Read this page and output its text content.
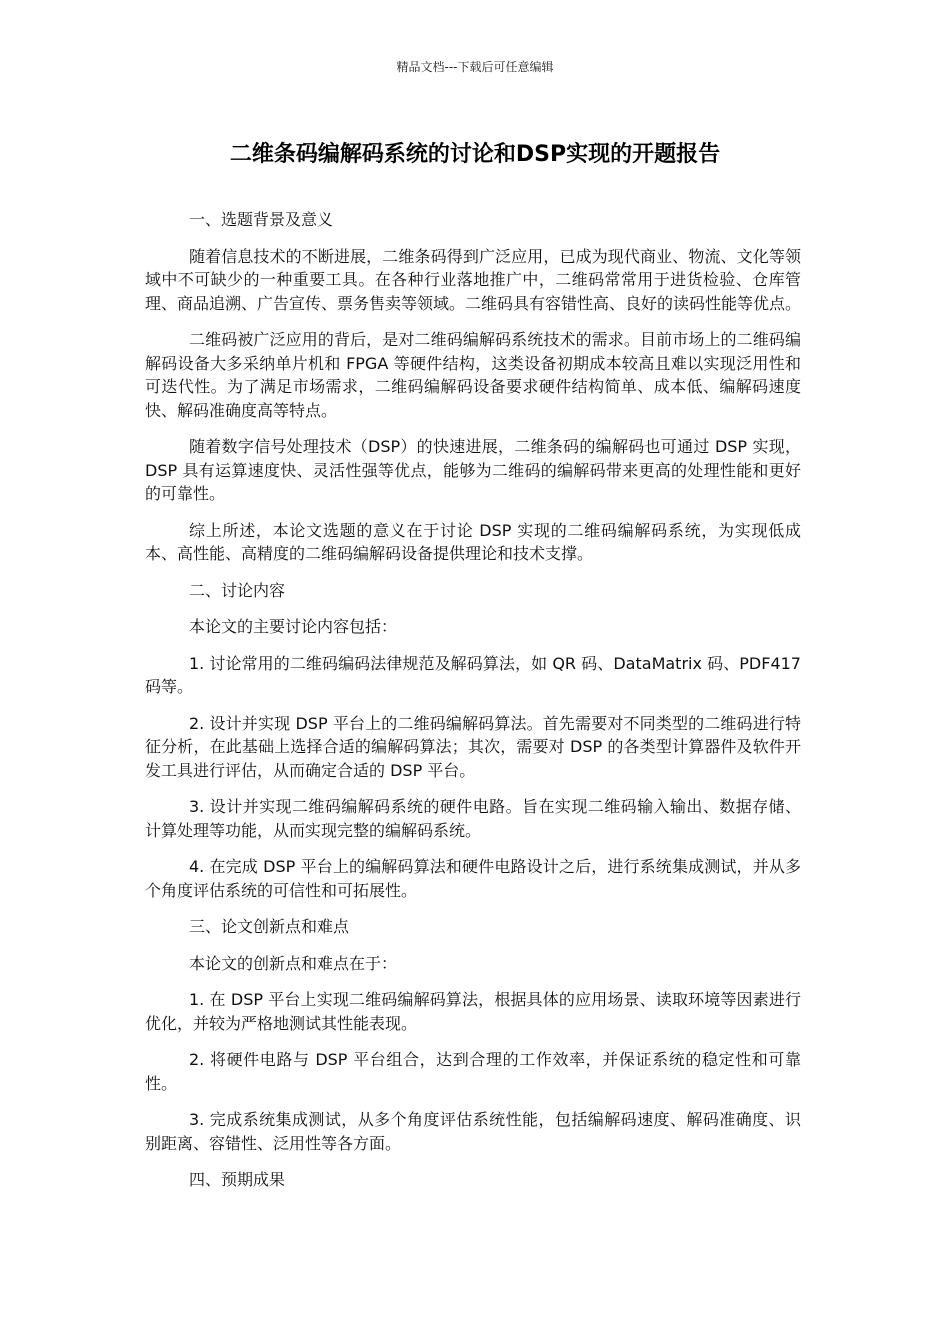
精品文档---下载后可任意编辑
二维条码编解码系统的讨论和DSP实现的开题报告

一、选题背景及意义

随着信息技术的不断进展，二维条码得到广泛应用，已成为现代商业、物流、文化等领域中不可缺少的一种重要工具。在各种行业落地推广中，二维码常常用于进货检验、仓库管理、商品追溯、广告宣传、票务售卖等领域。二维码具有容错性高、良好的读码性能等优点。

二维码被广泛应用的背后，是对二维码编解码系统技术的需求。目前市场上的二维码编解码设备大多采纳单片机和 FPGA 等硬件结构，这类设备初期成本较高且难以实现泛用性和可迭代性。为了满足市场需求，二维码编解码设备要求硬件结构简单、成本低、编解码速度快、解码准确度高等特点。

随着数字信号处理技术（DSP）的快速进展，二维条码的编解码也可通过 DSP 实现，DSP 具有运算速度快、灵活性强等优点，能够为二维码的编解码带来更高的处理性能和更好的可靠性。

综上所述，本论文选题的意义在于讨论 DSP 实现的二维码编解码系统，为实现低成本、高性能、高精度的二维码编解码设备提供理论和技术支撑。

二、讨论内容

本论文的主要讨论内容包括：

1. 讨论常用的二维码编码法律规范及解码算法，如 QR 码、DataMatrix 码、PDF417 码等。

2. 设计并实现 DSP 平台上的二维码编解码算法。首先需要对不同类型的二维码进行特征分析，在此基础上选择合适的编解码算法；其次，需要对 DSP 的各类型计算器件及软件开发工具进行评估，从而确定合适的 DSP 平台。

3. 设计并实现二维码编解码系统的硬件电路。旨在实现二维码输入输出、数据存储、计算处理等功能，从而实现完整的编解码系统。

4. 在完成 DSP 平台上的编解码算法和硬件电路设计之后，进行系统集成测试，并从多个角度评估系统的可信性和可拓展性。

三、论文创新点和难点

本论文的创新点和难点在于：

1. 在 DSP 平台上实现二维码编解码算法，根据具体的应用场景、读取环境等因素进行优化，并较为严格地测试其性能表现。

2. 将硬件电路与 DSP 平台组合，达到合理的工作效率，并保证系统的稳定性和可靠性。

3. 完成系统集成测试，从多个角度评估系统性能，包括编解码速度、解码准确度、识别距离、容错性、泛用性等各方面。

四、预期成果
